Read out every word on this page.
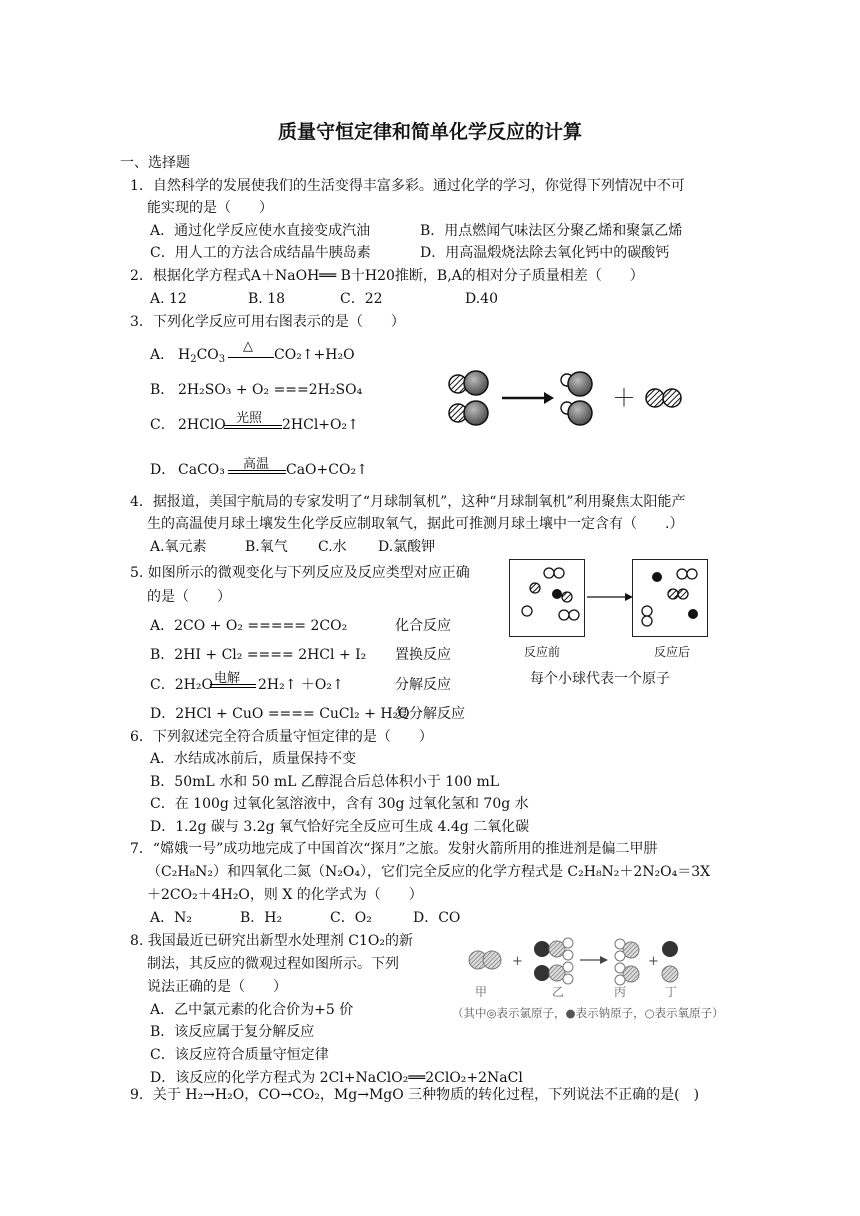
质量守恒定律和简单化学反应的计算
一、选择题
1．自然科学的发展使我们的生活变得丰富多彩。通过化学的学习，你觉得下列情况中不可
能实现的是（　　）
A．通过化学反应使水直接变成汽油	B．用点燃闻气味法区分聚乙烯和聚氯乙烯
C．用人工的方法合成结晶牛胰岛素	D．用高温煅烧法除去氧化钙中的碳酸钙
2．根据化学方程式A＋NaOH══ B十H20推断，B,A的相对分子质量相差（　　）
A. 12	B. 18	C．22	D.40
3．下列化学反应可用右图表示的是（　　）
A． $H_2CO_3$
△
CO₂↑+H₂O
B． 2H₂SO₃ + O₂ ===2H₂SO₄
C． 2HClO 光照 2HCl+O₂↑
D． CaCO₃ 高温 CaO+CO₂↑
＋
4．据报道，美国宇航局的专家发明了“月球制氧机”，这种“月球制氧机”利用聚焦太阳能产
生的高温使月球土壤发生化学反应制取氧气，据此可推测月球土壤中一定含有（　　.）
A.氧元素	B.氧气 C.水 D.氯酸钾
5. 如图所示的微观变化与下列反应及反应类型对应正确
的是（　　）
A．2CO + O₂ ===== 2CO₂	化合反应
B．2HI + Cl₂ ==== 2HCl + I₂ 置换反应
C．2H₂O 电解 2H₂↑ ＋O₂↑	分解反应
D．2HCl + CuO ==== CuCl₂ + H₂O
复分解反应
反应前	反应后
每个小球代表一个原子
6．下列叙述完全符合质量守恒定律的是（　　）
A．水结成冰前后，质量保持不变
B．50mL 水和 50 mL 乙醇混合后总体积小于 100 mL
C．在 100g 过氧化氢溶液中，含有 30g 过氧化氢和 70g 水
D．1.2g 碳与 3.2g 氧气恰好完全反应可生成 4.4g 二氧化碳
7．“嫦娥一号”成功地完成了中国首次“探月”之旅。发射火箭所用的推进剂是偏二甲肼
（C₂H₈N₂）和四氧化二氮（N₂O₄），它们完全反应的化学方程式是 C₂H₈N₂＋2N₂O₄＝3X
＋2CO₂＋4H₂O，则 X 的化学式为（　　）
A．N₂	B．H₂	C．O₂	D．CO
8. 我国最近已研究出新型水处理剂 C1O₂的新
制法，其反应的微观过程如图所示。下列
说法正确的是（　　）
A．乙中氯元素的化合价为+5 价
B．该反应属于复分解反应
C．该反应符合质量守恒定律
D．该反应的化学方程式为 2Cl+NaClO₂══2ClO₂+2NaCl
+	+
甲	乙	丙	丁
（其中◎表示氯原子，●表示钠原子，○表示氧原子）
9．关于 H₂→H₂O，CO→CO₂，Mg→MgO 三种物质的转化过程，下列说法不正确的是(　)
